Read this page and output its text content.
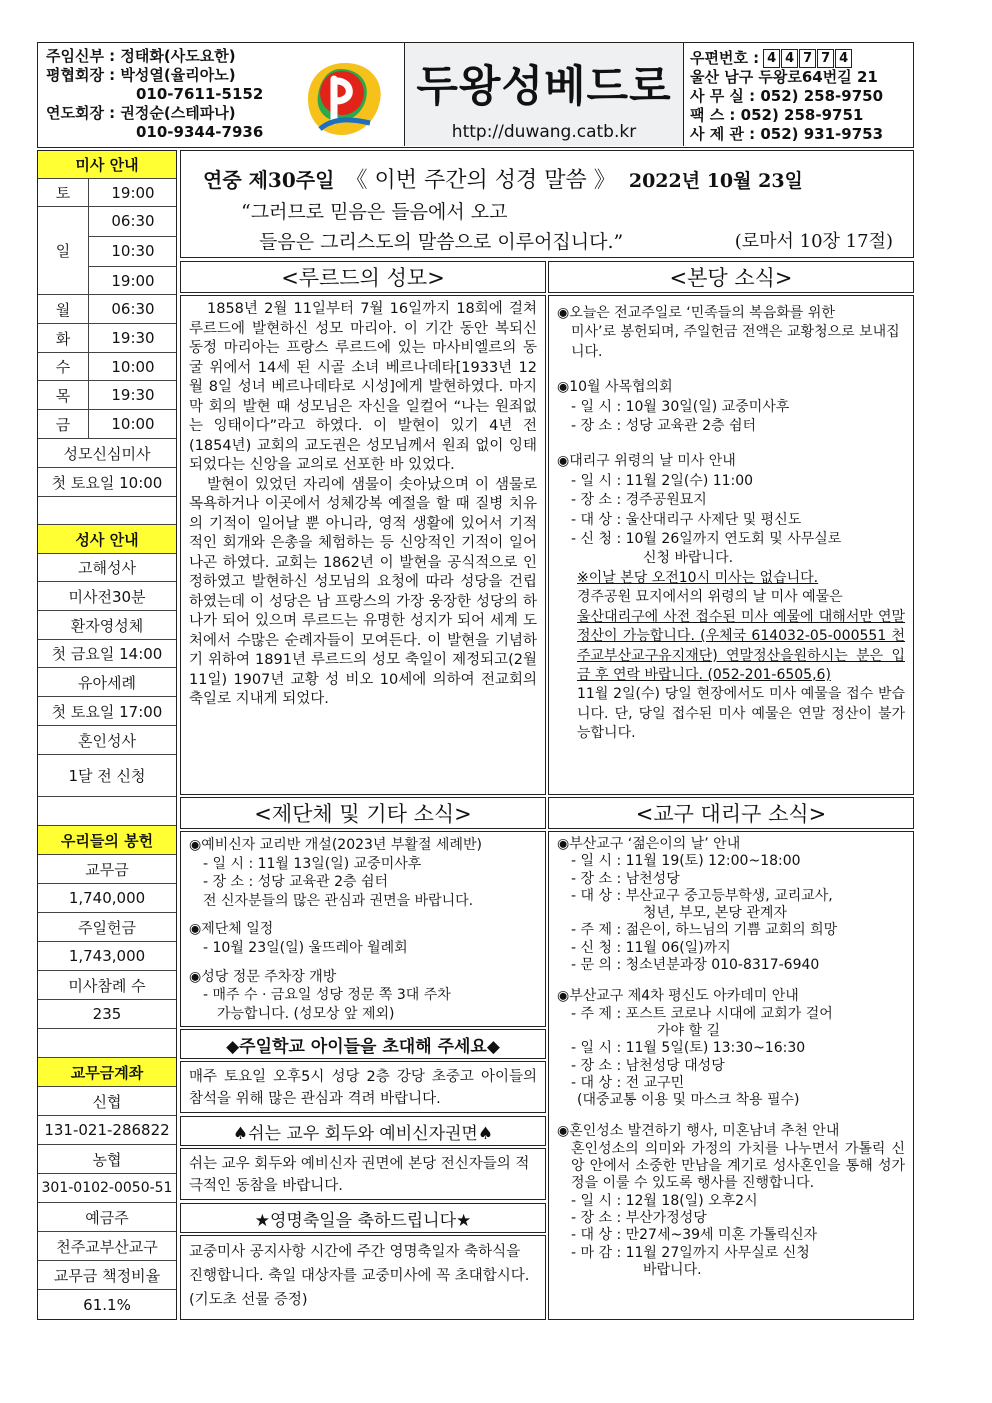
주임신부 : 정태화(사도요한)
평협회장 : 박성열(율리아노)
010-7611-5152
연도회장 : 권정순(스테파나)
010-9344-7936
두왕성베드로
http://duwang.catb.kr
우편번호 : 4 4 7 7 4
울산 남구 두왕로64번길 21
사 무 실 : 052) 258-9750
팩 스 : 052) 258-9751
사 제 관 : 052) 931-9753
미사 안내
토	19:00
일
06:30
10:30
19:00
월	06:30
화	19:30
수	10:00
목	19:30
금	10:00
성모신심미사
첫 토요일 10:00
성사 안내
고해성사
미사전30분
환자영성체
첫 금요일 14:00
유아세례
첫 토요일 17:00
혼인성사
1달 전 신청
우리들의 봉헌
교무금
1,740,000
주일헌금
1,743,000
미사참례 수
235
교무금계좌
신협
131-021-286822
농협
301-0102-0050-51
예금주
천주교부산교구
교무금 책정비율
61.1%
연중 제30주일 《 이번 주간의 성경 말씀 》 2022년 10월 23일
“그러므로 믿음은 들음에서 오고
들음은 그리스도의 말씀으로 이루어집니다.”	(로마서 10장 17절)
<루르드의 성모>

1858년 2월 11일부터 7월 16일까지 18회에 걸쳐 루르드에 발현하신 성모 마리아. 이 기간 동안 복되신 동정 마리아는 프랑스 루르드에 있는 마사비엘르의 동굴 위에서 14세 된 시골 소녀 베르나데타[1933년 12월 8일 성녀 베르나데타로 시성]에게 발현하였다. 마지막 회의 발현 때 성모님은 자신을 일컬어 “나는 원죄없는 잉태이다”라고 하였다. 이 발현이 있기 4년 전(1854년) 교회의 교도권은 성모님께서 원죄 없이 잉태되었다는 신앙을 교의로 선포한 바 있었다.

발현이 있었던 자리에 샘물이 솟아났으며 이 샘물로 목욕하거나 이곳에서 성체강복 예절을 할 때 질병 치유의 기적이 일어날 뿐 아니라, 영적 생활에 있어서 기적적인 회개와 은총을 체험하는 등 신앙적인 기적이 일어나곤 하였다. 교회는 1862년 이 발현을 공식적으로 인정하였고 발현하신 성모님의 요청에 따라 성당을 건립하였는데 이 성당은 남 프랑스의 가장 웅장한 성당의 하나가 되어 있으며 루르드는 유명한 성지가 되어 세계 도처에서 수많은 순례자들이 모여든다. 이 발현을 기념하기 위하여 1891년 루르드의 성모 축일이 제정되고(2월 11일) 1907년 교황 성 비오 10세에 의하여 전교회의 축일로 지내게 되었다.

<본당 소식>

◉오늘은 전교주일로 ‘민족들의 복음화를 위한

미사’로 봉헌되며, 주일헌금 전액은 교황청으로 보내집니다.

◉10월 사목협의회

- 일 시 : 10월 30일(일) 교중미사후

- 장 소 : 성당 교육관 2층 쉼터

◉대리구 위령의 날 미사 안내

- 일 시 : 11월 2일(수) 11:00

- 장 소 : 경주공원묘지

- 대 상 : 울산대리구 사제단 및 평신도

- 신 청 : 10월 26일까지 연도회 및 사무실로

신청 바랍니다.

※이날 본당 오전10시 미사는 없습니다.

경주공원 묘지에서의 위령의 날 미사 예물은

울산대리구에 사전 접수된 미사 예물에 대해서만 연말 정산이 가능합니다. (우체국 614032-05-000551 천주교부산교구유지재단) 연말정산을원하시는 분은 입금 후 연락 바랍니다. (052-201-6505,6)

11월 2일(수) 당일 현장에서도 미사 예물을 접수 받습니다. 단, 당일 접수된 미사 예물은 연말 정산이 불가능합니다.

<제단체 및 기타 소식>

◉예비신자 교리반 개설(2023년 부활절 세례반)

- 일 시 : 11월 13일(일) 교중미사후

- 장 소 : 성당 교육관 2층 쉼터

전 신자분들의 많은 관심과 권면을 바랍니다.

◉제단체 일정

- 10월 23일(일) 울뜨레아 월례회

◉성당 정문 주차장 개방

- 매주 수 · 금요일 성당 정문 쪽 3대 주차

가능합니다. (성모상 앞 제외)

◆주일학교 아이들을 초대해 주세요◆
매주 토요일 오후5시 성당 2층 강당 초중고 아이들의 참석을 위해 많은 관심과 격려 바랍니다.
♠쉬는 교우 회두와 예비신자권면♠
쉬는 교우 회두와 예비신자 권면에 본당 전신자들의 적극적인 동참을 바랍니다.
★영명축일을 축하드립니다★
교중미사 공지사항 시간에 주간 영명축일자 축하식을 진행합니다. 축일 대상자를 교중미사에 꼭 초대합시다. (기도초 선물 증정)
<교구 대리구 소식>

◉부산교구 ‘젊은이의 날’ 안내

- 일 시 : 11월 19(토) 12:00~18:00

- 장 소 : 남천성당

- 대 상 : 부산교구 중고등부학생, 교리교사,

청년, 부모, 본당 관계자

- 주 제 : 젊은이, 하느님의 기쁨 교회의 희망

- 신 청 : 11월 06(일)까지

- 문 의 : 청소년분과장 010-8317-6940

◉부산교구 제4차 평신도 아카데미 안내

- 주 제 : 포스트 코로나 시대에 교회가 걸어

가야 할 길

- 일 시 : 11월 5일(토) 13:30~16:30

- 장 소 : 남천성당 대성당

- 대 상 : 전 교구민

(대중교통 이용 및 마스크 착용 필수)

◉혼인성소 발견하기 행사, 미혼남녀 추천 안내

혼인성소의 의미와 가정의 가치를 나누면서 가톨릭 신앙 안에서 소중한 만남을 계기로 성사혼인을 통해 성가정을 이룰 수 있도록 행사를 진행합니다.

- 일 시 : 12월 18(일) 오후2시

- 장 소 : 부산가정성당

- 대 상 : 만27세~39세 미혼 가톨릭신자

- 마 감 : 11월 27일까지 사무실로 신청

바랍니다.
